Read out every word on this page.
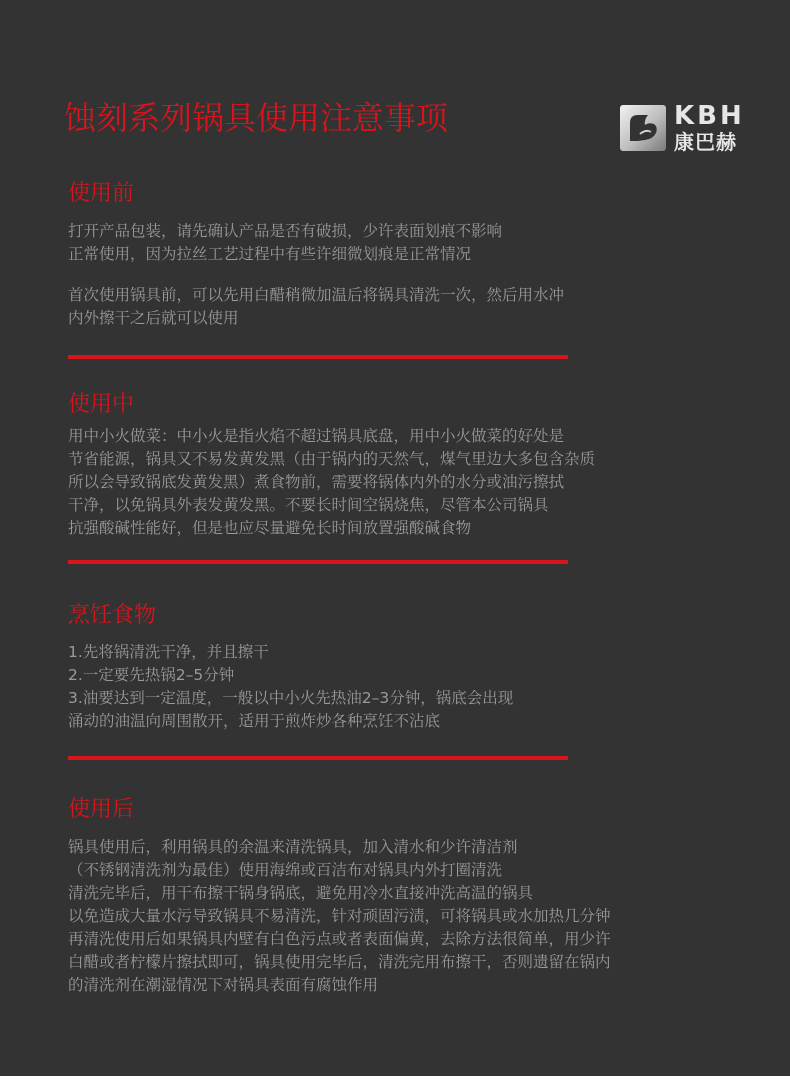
蚀刻系列锅具使用注意事项	KBH
康巴赫
使用前
打开产品包装，请先确认产品是否有破损，少许表面划痕不影响
正常使用，因为拉丝工艺过程中有些许细微划痕是正常情况
首次使用锅具前，可以先用白醋稍微加温后将锅具清洗一次，然后用水冲
内外擦干之后就可以使用
使用中
用中小火做菜：中小火是指火焰不超过锅具底盘，用中小火做菜的好处是
节省能源，锅具又不易发黄发黑（由于锅内的天然气，煤气里边大多包含杂质
所以会导致锅底发黄发黑）煮食物前，需要将锅体内外的水分或油污擦拭
干净，以免锅具外表发黄发黑。不要长时间空锅烧焦，尽管本公司锅具
抗强酸碱性能好，但是也应尽量避免长时间放置强酸碱食物
烹饪食物
1.先将锅清洗干净，并且擦干
2.一定要先热锅2–5分钟
3.油要达到一定温度，一般以中小火先热油2–3分钟，锅底会出现
涌动的油温向周围散开，适用于煎炸炒各种烹饪不沾底
使用后
锅具使用后，利用锅具的余温来清洗锅具，加入清水和少许清洁剂
（不锈钢清洗剂为最佳）使用海绵或百洁布对锅具内外打圈清洗
清洗完毕后，用干布擦干锅身锅底，避免用冷水直接冲洗高温的锅具
以免造成大量水污导致锅具不易清洗，针对顽固污渍，可将锅具或水加热几分钟
再清洗使用后如果锅具内壁有白色污点或者表面偏黄，去除方法很简单，用少许
白醋或者柠檬片擦拭即可，锅具使用完毕后，清洗完用布擦干，否则遗留在锅内
的清洗剂在潮湿情况下对锅具表面有腐蚀作用
